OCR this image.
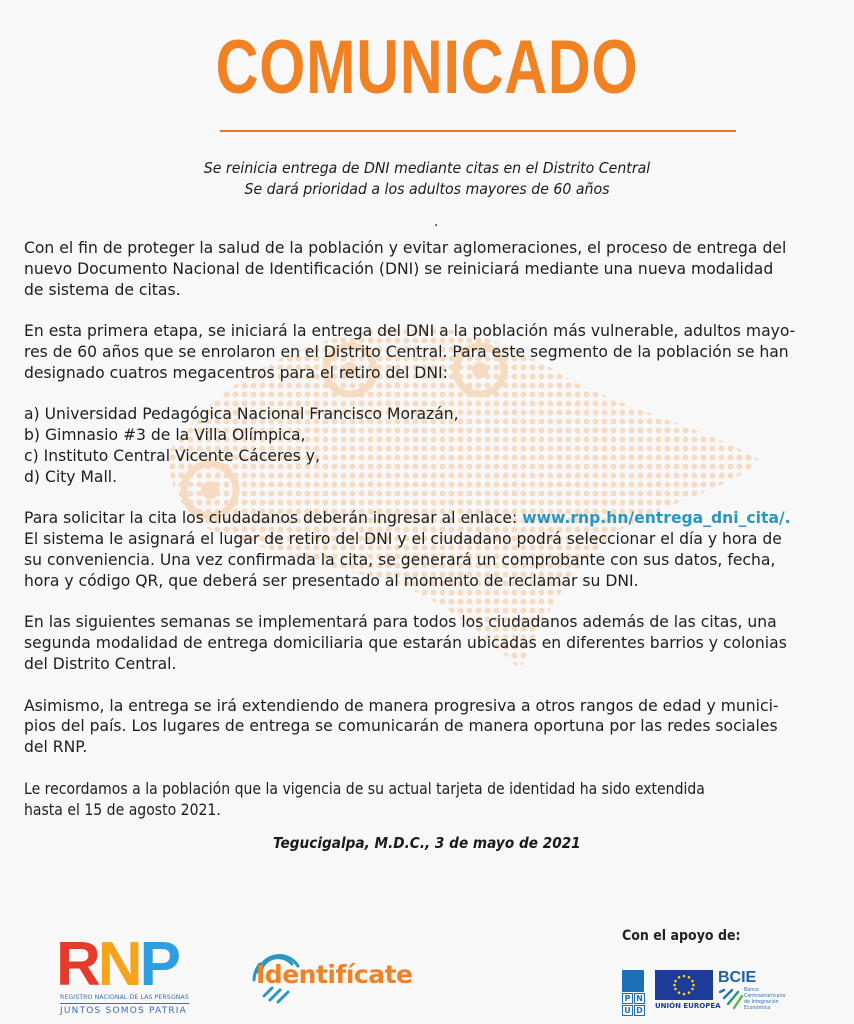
COMUNICADO
Se reinicia entrega de DNI mediante citas en el Distrito Central
Se dará prioridad a los adultos mayores de 60 años
.

Con el fin de proteger la salud de la población y evitar aglomeraciones, el proceso de entrega del
nuevo Documento Nacional de Identificación (DNI) se reiniciará mediante una nueva modalidad
de sistema de citas.

En esta primera etapa, se iniciará la entrega del DNI a la población más vulnerable, adultos mayo-
res de 60 años que se enrolaron en el Distrito Central. Para este segmento de la población se han
designado cuatros megacentros para el retiro del DNI:

a) Universidad Pedagógica Nacional Francisco Morazán,
b) Gimnasio #3 de la Villa Olímpica,
c) Instituto Central Vicente Cáceres y,
d) City Mall.

Para solicitar la cita los ciudadanos deberán ingresar al enlace: www.rnp.hn/entrega_dni_cita/.
El sistema le asignará el lugar de retiro del DNI y el ciudadano podrá seleccionar el día y hora de
su conveniencia. Una vez confirmada la cita, se generará un comprobante con sus datos, fecha,
hora y código QR, que deberá ser presentado al momento de reclamar su DNI.

En las siguientes semanas se implementará para todos los ciudadanos además de las citas, una
segunda modalidad de entrega domiciliaria que estarán ubicadas en diferentes barrios y colonias
del Distrito Central.

Asimismo, la entrega se irá extendiendo de manera progresiva a otros rangos de edad y munici-
pios del país. Los lugares de entrega se comunicarán de manera oportuna por las redes sociales
del RNP.

Le recordamos a la población que la vigencia de su actual tarjeta de identidad ha sido extendida
hasta el 15 de agosto 2021.

Tegucigalpa, M.D.C., 3 de mayo de 2021
RNP
REGISTRO NACIONAL DE LAS PERSONAS
JUNTOS SOMOS PATRIA
Identifícate
Con el apoyo de:
P N
U D	UNIÓN EUROPEA
BCIE
Banco
Centroamericano
de Integración
Económica
